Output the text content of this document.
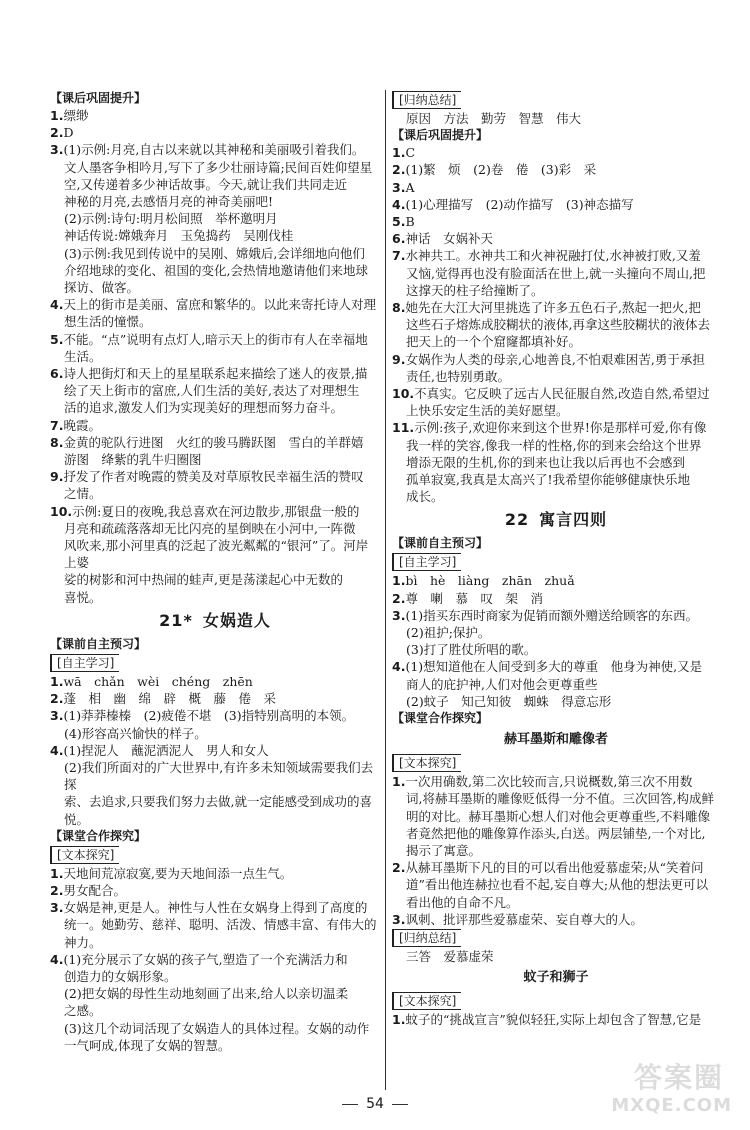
【课后巩固提升】

1.缥缈

2.D

3.(1)示例:月亮,自古以来就以其神秘和美丽吸引着我们。

文人墨客争相吟月,写下了多少壮丽诗篇;民间百姓仰望星

空,又传递着多少神话故事。今天,就让我们共同走近

神秘的月亮,去感悟月亮的神奇美丽吧!

(2)示例:诗句:明月松间照　举杯邀明月

神话传说:嫦娥奔月　玉兔捣药　吴刚伐桂

(3)示例:我见到传说中的吴刚、嫦娥后,会详细地向他们

介绍地球的变化、祖国的变化,会热情地邀请他们来地球

探访、做客。

4.天上的街市是美丽、富庶和繁华的。以此来寄托诗人对理

想生活的憧憬。

5.不能。“点”说明有点灯人,暗示天上的街市有人在幸福地

生活。

6.诗人把街灯和天上的星星联系起来描绘了迷人的夜景,描

绘了天上街市的富庶,人们生活的美好,表达了对理想生

活的追求,激发人们为实现美好的理想而努力奋斗。

7.晚霞。

8.金黄的驼队行进图　火红的骏马腾跃图　雪白的羊群嬉

游图　绛紫的乳牛归圈图

9.抒发了作者对晚霞的赞美及对草原牧民幸福生活的赞叹

之情。

10.示例:夏日的夜晚,我总喜欢在河边散步,那银盘一般的

月亮和疏疏落落却无比闪亮的星倒映在小河中,一阵微

风吹来,那小河里真的泛起了波光粼粼的“银河”了。河岸上婆

娑的树影和河中热闹的蛙声,更是荡漾起心中无数的

喜悦。

21* 女娲造人
【课前自主预习】
[自主学习]

1.wā　chǎn　wèi　chéng　zhēn

2.蓬　相　幽　绵　辟　概　藤　倦　采

3.(1)莽莽榛榛　(2)疲倦不堪　(3)指特别高明的本领。

(4)形容高兴愉快的样子。

4.(1)捏泥人　蘸泥洒泥人　男人和女人

(2)我们所面对的广大世界中,有许多未知领域需要我们去探

索、去追求,只要我们努力去做,就一定能感受到成功的喜悦。

【课堂合作探究】
[文本探究]

1.天地间荒凉寂寞,要为天地间添一点生气。

2.男女配合。

3.女娲是神,更是人。神性与人性在女娲身上得到了高度的

统一。她勤劳、慈祥、聪明、活泼、情感丰富、有伟大的神力。

4.(1)充分展示了女娲的孩子气,塑造了一个充满活力和

创造力的女娲形象。

(2)把女娲的母性生动地刻画了出来,给人以亲切温柔

之感。

(3)这几个动词活现了女娲造人的具体过程。女娲的动作

一气呵成,体现了女娲的智慧。

[归纳总结]
原因　方法　勤劳　智慧　伟大
【课后巩固提升】

1.C

2.(1)繁　烦　(2)卷　倦　(3)彩　采

3.A

4.(1)心理描写　(2)动作描写　(3)神态描写

5.B

6.神话　女娲补天

7.水神共工。水神共工和火神祝融打仗,水神被打败,又羞

又恼,觉得再也没有脸面活在世上,就一头撞向不周山,把

这撑天的柱子给撞断了。

8.她先在大江大河里挑选了许多五色石子,熬起一把火,把

这些石子熔炼成胶糊状的液体,再拿这些胶糊状的液体去

把天上的一个个窟窿都填补好。

9.女娲作为人类的母亲,心地善良,不怕艰难困苦,勇于承担

责任,也特别勇敢。

10.不真实。它反映了远古人民征服自然,改造自然,希望过

上快乐安定生活的美好愿望。

11.示例:孩子,欢迎你来到这个世界!你是那样可爱,你有像

我一样的笑容,像我一样的性格,你的到来会给这个世界

增添无限的生机,你的到来也让我以后再也不会感到

孤单寂寞,我真是太高兴了!我希望你能够健康快乐地

成长。

22 寓言四则
【课前自主预习】
[自主学习]

1.bì　hè　liàng　zhān　zhuǎ

2.尊　喇　慕　叹　架　消

3.(1)指买东西时商家为促销而额外赠送给顾客的东西。

(2)祖护;保护。

(3)打了胜仗所唱的歌。

4.(1)想知道他在人间受到多大的尊重　他身为神使,又是

商人的庇护神,人们对他会更尊重些

(2)蚊子　知己知彼　蜘蛛　得意忘形

【课堂合作探究】
赫耳墨斯和雕像者
[文本探究]

1.一次用确数,第二次比较而言,只说概数,第三次不用数

词,将赫耳墨斯的雕像贬低得一分不值。三次回答,构成鲜

明的对比。赫耳墨斯心想人们对他会更尊重些,不料雕像

者竟然把他的雕像算作添头,白送。两层铺垫,一个对比,

揭示了寓意。

2.从赫耳墨斯下凡的目的可以看出他爱慕虚荣;从“笑着问

道”看出他连赫拉也看不起,妄自尊大;从他的想法更可以

看出他的自命不凡。

3.讽刺、批评那些爱慕虚荣、妄自尊大的人。

[归纳总结]
三答　爱慕虚荣
蚊子和狮子
[文本探究]

1.蚊子的“挑战宣言”貌似轻狂,实际上却包含了智慧,它是

54
答案圈
MXQE.COM
